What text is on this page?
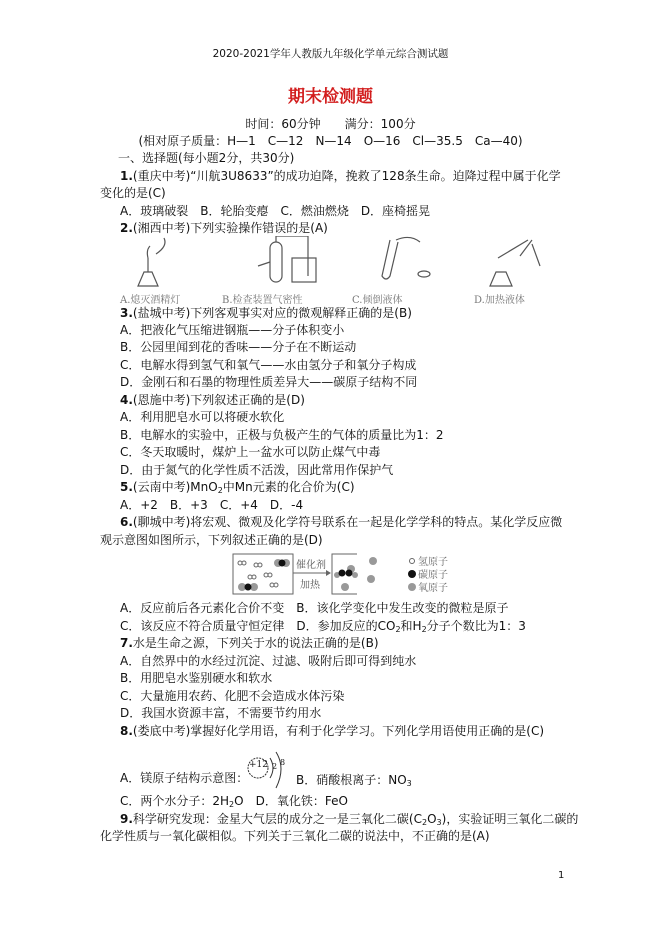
2020-2021学年人教版九年级化学单元综合测试题
期末检测题
时间：60分钟　　满分：100分
(相对原子质量：H—1　C—12　N—14　O—16　Cl—35.5　Ca—40)
一、选择题(每小题2分，共30分)
1.(重庆中考)“川航3U8633”的成功迫降，挽救了128条生命。迫降过程中属于化学
变化的是(C)
A．玻璃破裂　B．轮胎变瘪　C．燃油燃烧　D．座椅摇晃
2.(湘西中考)下列实验操作错误的是(A)
A.熄灭酒精灯	B.检查装置气密性	C.倾倒液体	D.加热液体
3.(盐城中考)下列客观事实对应的微观解释正确的是(B)
A．把液化气压缩进钢瓶——分子体积变小
B．公园里闻到花的香味——分子在不断运动
C．电解水得到氢气和氧气——水由氢分子和氧分子构成
D．金刚石和石墨的物理性质差异大——碳原子结构不同
4.(恩施中考)下列叙述正确的是(D)
A．利用肥皂水可以将硬水软化
B．电解水的实验中，正极与负极产生的气体的质量比为1：2
C．冬天取暖时，煤炉上一盆水可以防止煤气中毒
D．由于氮气的化学性质不活泼，因此常用作保护气
5.(云南中考)MnO$_2$中Mn元素的化合价为(C)
A．+2　B．+3　C．+4　D．-4
6.(聊城中考)将宏观、微观及化学符号联系在一起是化学学科的特点。某化学反应微
观示意图如图所示，下列叙述正确的是(D)
催化剂
加热
氢原子
碳原子
氧原子
A．反应前后各元素化合价不变　B．该化学变化中发生改变的微粒是原子
C．该反应不符合质量守恒定律　D．参加反应的$CO_2$和$H_2$分子个数比为1：3
7.水是生命之源，下列关于水的说法正确的是(B)
A．自然界中的水经过沉淀、过滤、吸附后即可得到纯水
B．用肥皂水鉴别硬水和软水
C．大量施用农药、化肥不会造成水体污染
D．我国水资源丰富，不需要节约用水
8.(娄底中考)掌握好化学用语，有利于化学学习。下列化学用语使用正确的是(C)
A．镁原子结构示意图：
+12 2 8
B．硝酸根离子：$NO_3$
C．两个水分子：$2H_2O$　D．氧化铁：FeO
9.科学研究发现：金星大气层的成分之一是三氧化二碳$(C_2O_3)$，实验证明三氧化二碳的
化学性质与一氧化碳相似。下列关于三氧化二碳的说法中，不正确的是(A)
1
